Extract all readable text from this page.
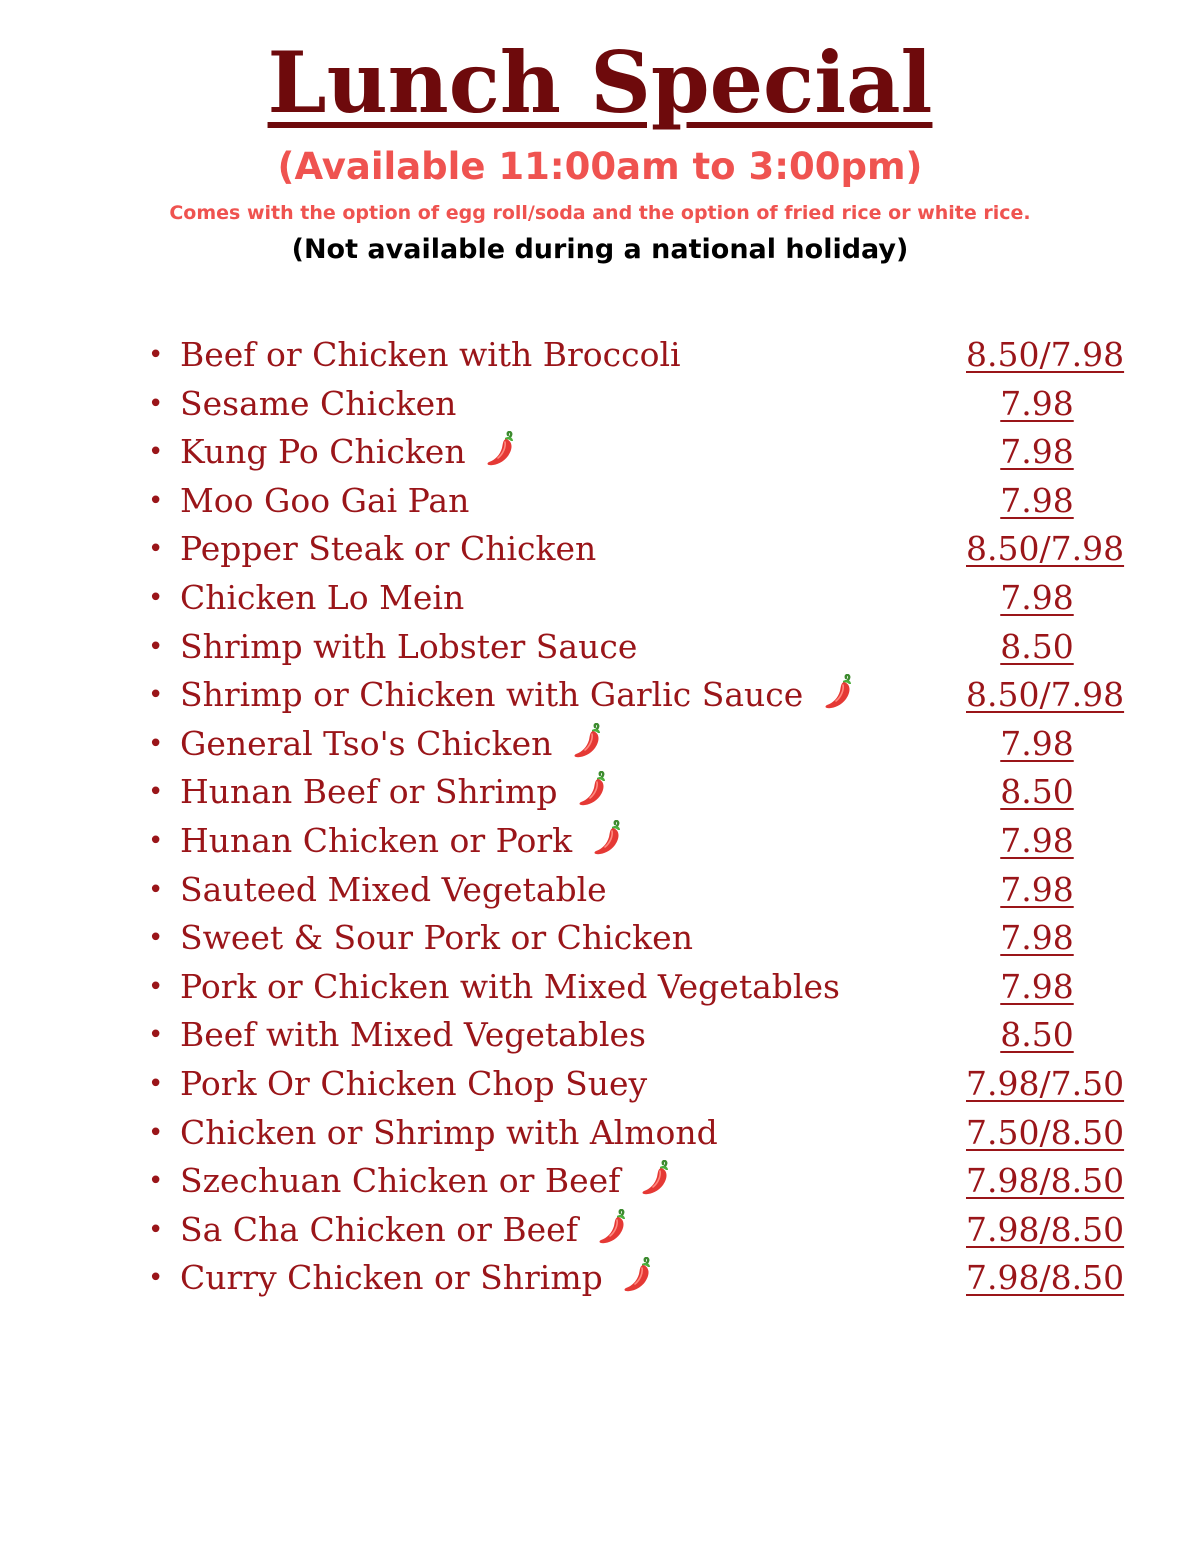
Lunch Special
(Available 11:00am to 3:00pm)
Comes with the option of egg roll/soda and the option of fried rice or white rice.
(Not available during a national holiday)
• Beef or Chicken with Broccoli	8.50/7.98
• Sesame Chicken	7.98
• Kung Po Chicken	7.98
• Moo Goo Gai Pan	7.98
• Pepper Steak or Chicken	8.50/7.98
• Chicken Lo Mein	7.98
• Shrimp with Lobster Sauce	8.50
• Shrimp or Chicken with Garlic Sauce	8.50/7.98
• General Tso's Chicken	7.98
• Hunan Beef or Shrimp	8.50
• Hunan Chicken or Pork	7.98
• Sauteed Mixed Vegetable	7.98
• Sweet & Sour Pork or Chicken	7.98
• Pork or Chicken with Mixed Vegetables	7.98
• Beef with Mixed Vegetables	8.50
• Pork Or Chicken Chop Suey	7.98/7.50
• Chicken or Shrimp with Almond	7.50/8.50
• Szechuan Chicken or Beef	7.98/8.50
• Sa Cha Chicken or Beef	7.98/8.50
• Curry Chicken or Shrimp	7.98/8.50
